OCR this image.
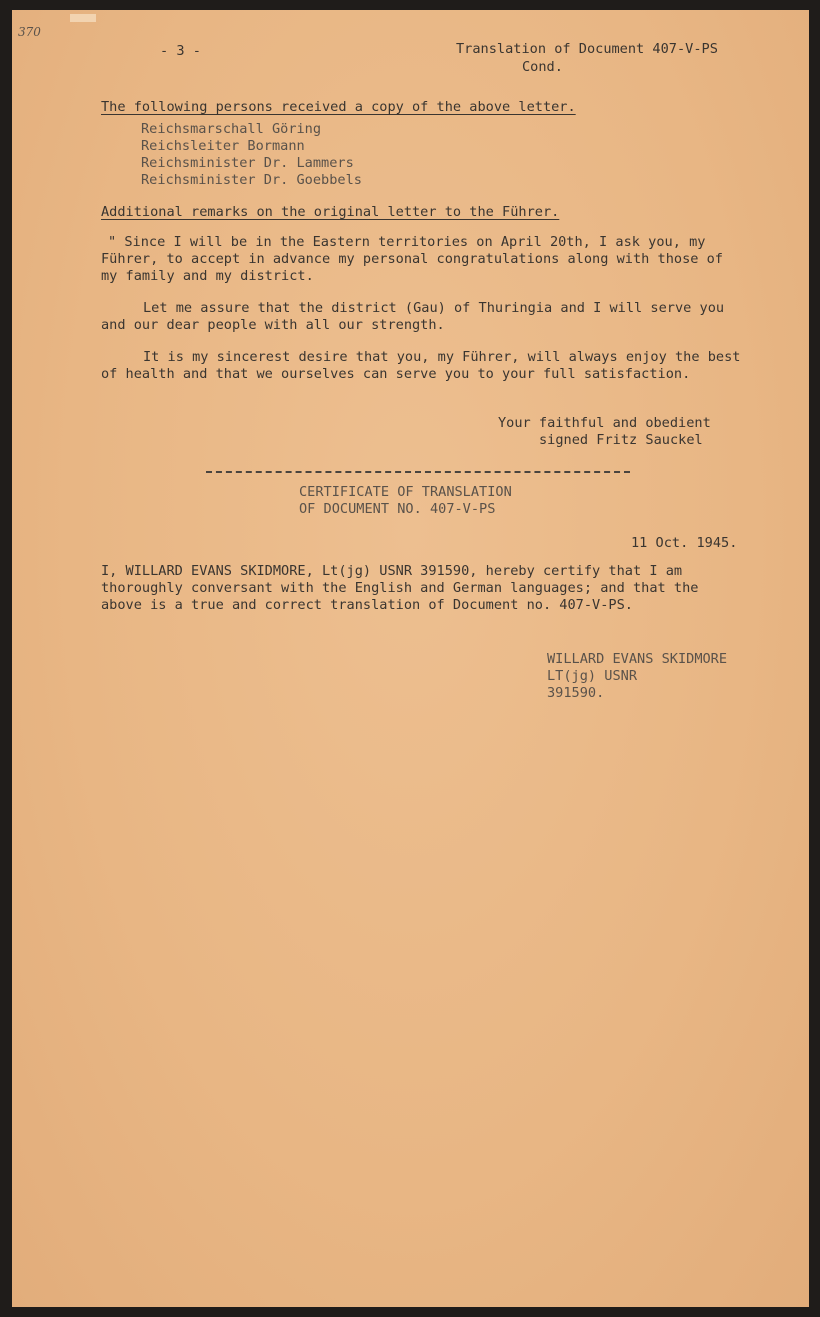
370
- 3 -	Translation of Document 407-V-PS
Cond.
The following persons received a copy of the above letter.
Reichsmarschall Göring
Reichsleiter Bormann
Reichsminister Dr. Lammers
Reichsminister Dr. Goebbels
Additional remarks on the original letter to the Führer.
" Since I will be in the Eastern territories on April 20th, I ask you, my
Führer, to accept in advance my personal congratulations along with those of
my family and my district.
Let me assure that the district (Gau) of Thuringia and I will serve you
and our dear people with all our strength.
It is my sincerest desire that you, my Führer, will always enjoy the best
of health and that we ourselves can serve you to your full satisfaction.
Your faithful and obedient
signed Fritz Sauckel
CERTIFICATE OF TRANSLATION
OF DOCUMENT NO. 407-V-PS
11 Oct. 1945.
I, WILLARD EVANS SKIDMORE, Lt(jg) USNR 391590, hereby certify that I am
thoroughly conversant with the English and German languages; and that the
above is a true and correct translation of Document no. 407-V-PS.
WILLARD EVANS SKIDMORE
LT(jg) USNR
391590.
